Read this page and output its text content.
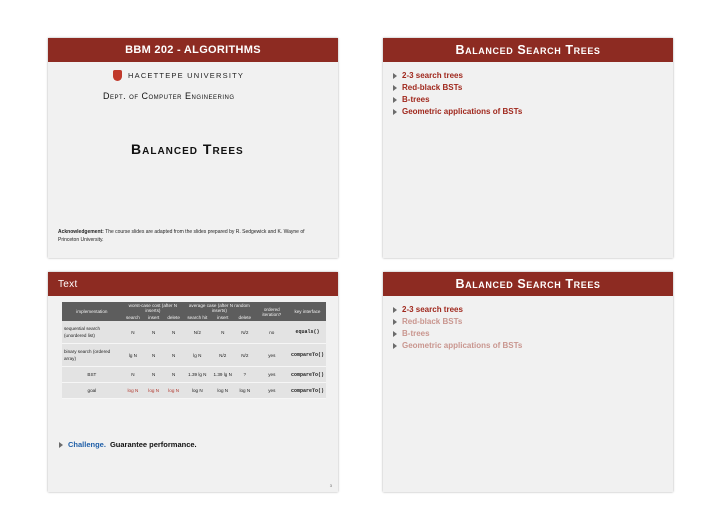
BBM 202 - ALGORITHMS
HACETTEPE UNIVERSITY
Dept. of Computer Engineering
Balanced Trees
Acknowledgement: The course slides are adapted from the slides prepared by R. Sedgewick and K. Wayne of Princeton University.
Balanced Search Trees
2-3 search trees
Red-black BSTs
B-trees
Geometric applications of BSTs
Text
implementation	worst-case cost (after N inserts)			average case (after N random inserts)			ordered iteration?	key interface
	search	insert	delete	search hit	insert	delete		
sequential search (unordered list)	N	N	N	N/2	N	N/2	no	equals()
binary search (ordered array)	lg N	N	N	lg N	N/2	N/2	yes	compareTo()
BST	N	N	N	1.39 lg N	1.39 lg N	?	yes	compareTo()
goal	log N	log N	log N	log N	log N	log N	yes	compareTo()
Challenge. Guarantee performance.
3
Balanced Search Trees
2-3 search trees
Red-black BSTs
B-trees
Geometric applications of BSTs
